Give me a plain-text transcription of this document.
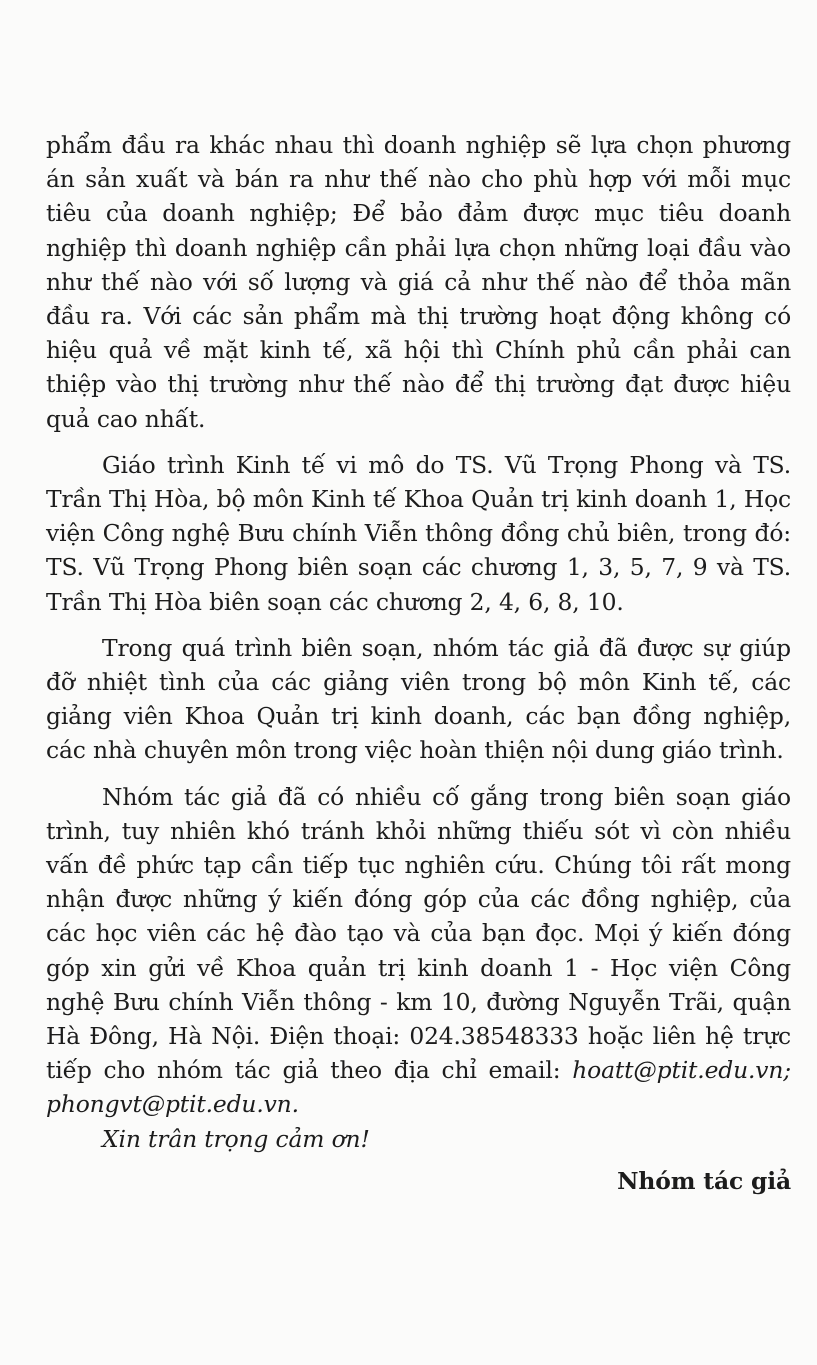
phẩm đầu ra khác nhau thì doanh nghiệp sẽ lựa chọn phương án sản xuất và bán ra như thế nào cho phù hợp với mỗi mục tiêu của doanh nghiệp; Để bảo đảm được mục tiêu doanh nghiệp thì doanh nghiệp cần phải lựa chọn những loại đầu vào như thế nào với số lượng và giá cả như thế nào để thỏa mãn đầu ra. Với các sản phẩm mà thị trường hoạt động không có hiệu quả về mặt kinh tế, xã hội thì Chính phủ cần phải can thiệp vào thị trường như thế nào để thị trường đạt được hiệu quả cao nhất.

Giáo trình Kinh tế vi mô do TS. Vũ Trọng Phong và TS. Trần Thị Hòa, bộ môn Kinh tế Khoa Quản trị kinh doanh 1, Học viện Công nghệ Bưu chính Viễn thông đồng chủ biên, trong đó: TS. Vũ Trọng Phong biên soạn các chương 1, 3, 5, 7, 9 và TS. Trần Thị Hòa biên soạn các chương 2, 4, 6, 8, 10.

Trong quá trình biên soạn, nhóm tác giả đã được sự giúp đỡ nhiệt tình của các giảng viên trong bộ môn Kinh tế, các giảng viên Khoa Quản trị kinh doanh, các bạn đồng nghiệp, các nhà chuyên môn trong việc hoàn thiện nội dung giáo trình.

Nhóm tác giả đã có nhiều cố gắng trong biên soạn giáo trình, tuy nhiên khó tránh khỏi những thiếu sót vì còn nhiều vấn đề phức tạp cần tiếp tục nghiên cứu. Chúng tôi rất mong nhận được những ý kiến đóng góp của các đồng nghiệp, của các học viên các hệ đào tạo và của bạn đọc. Mọi ý kiến đóng góp xin gửi về Khoa quản trị kinh doanh 1 - Học viện Công nghệ Bưu chính Viễn thông - km 10, đường Nguyễn Trãi, quận Hà Đông, Hà Nội. Điện thoại: 024.38548333 hoặc liên hệ trực tiếp cho nhóm tác giả theo địa chỉ email: hoatt@ptit.edu.vn; phongvt@ptit.edu.vn.

Xin trân trọng cảm ơn!

Nhóm tác giả
